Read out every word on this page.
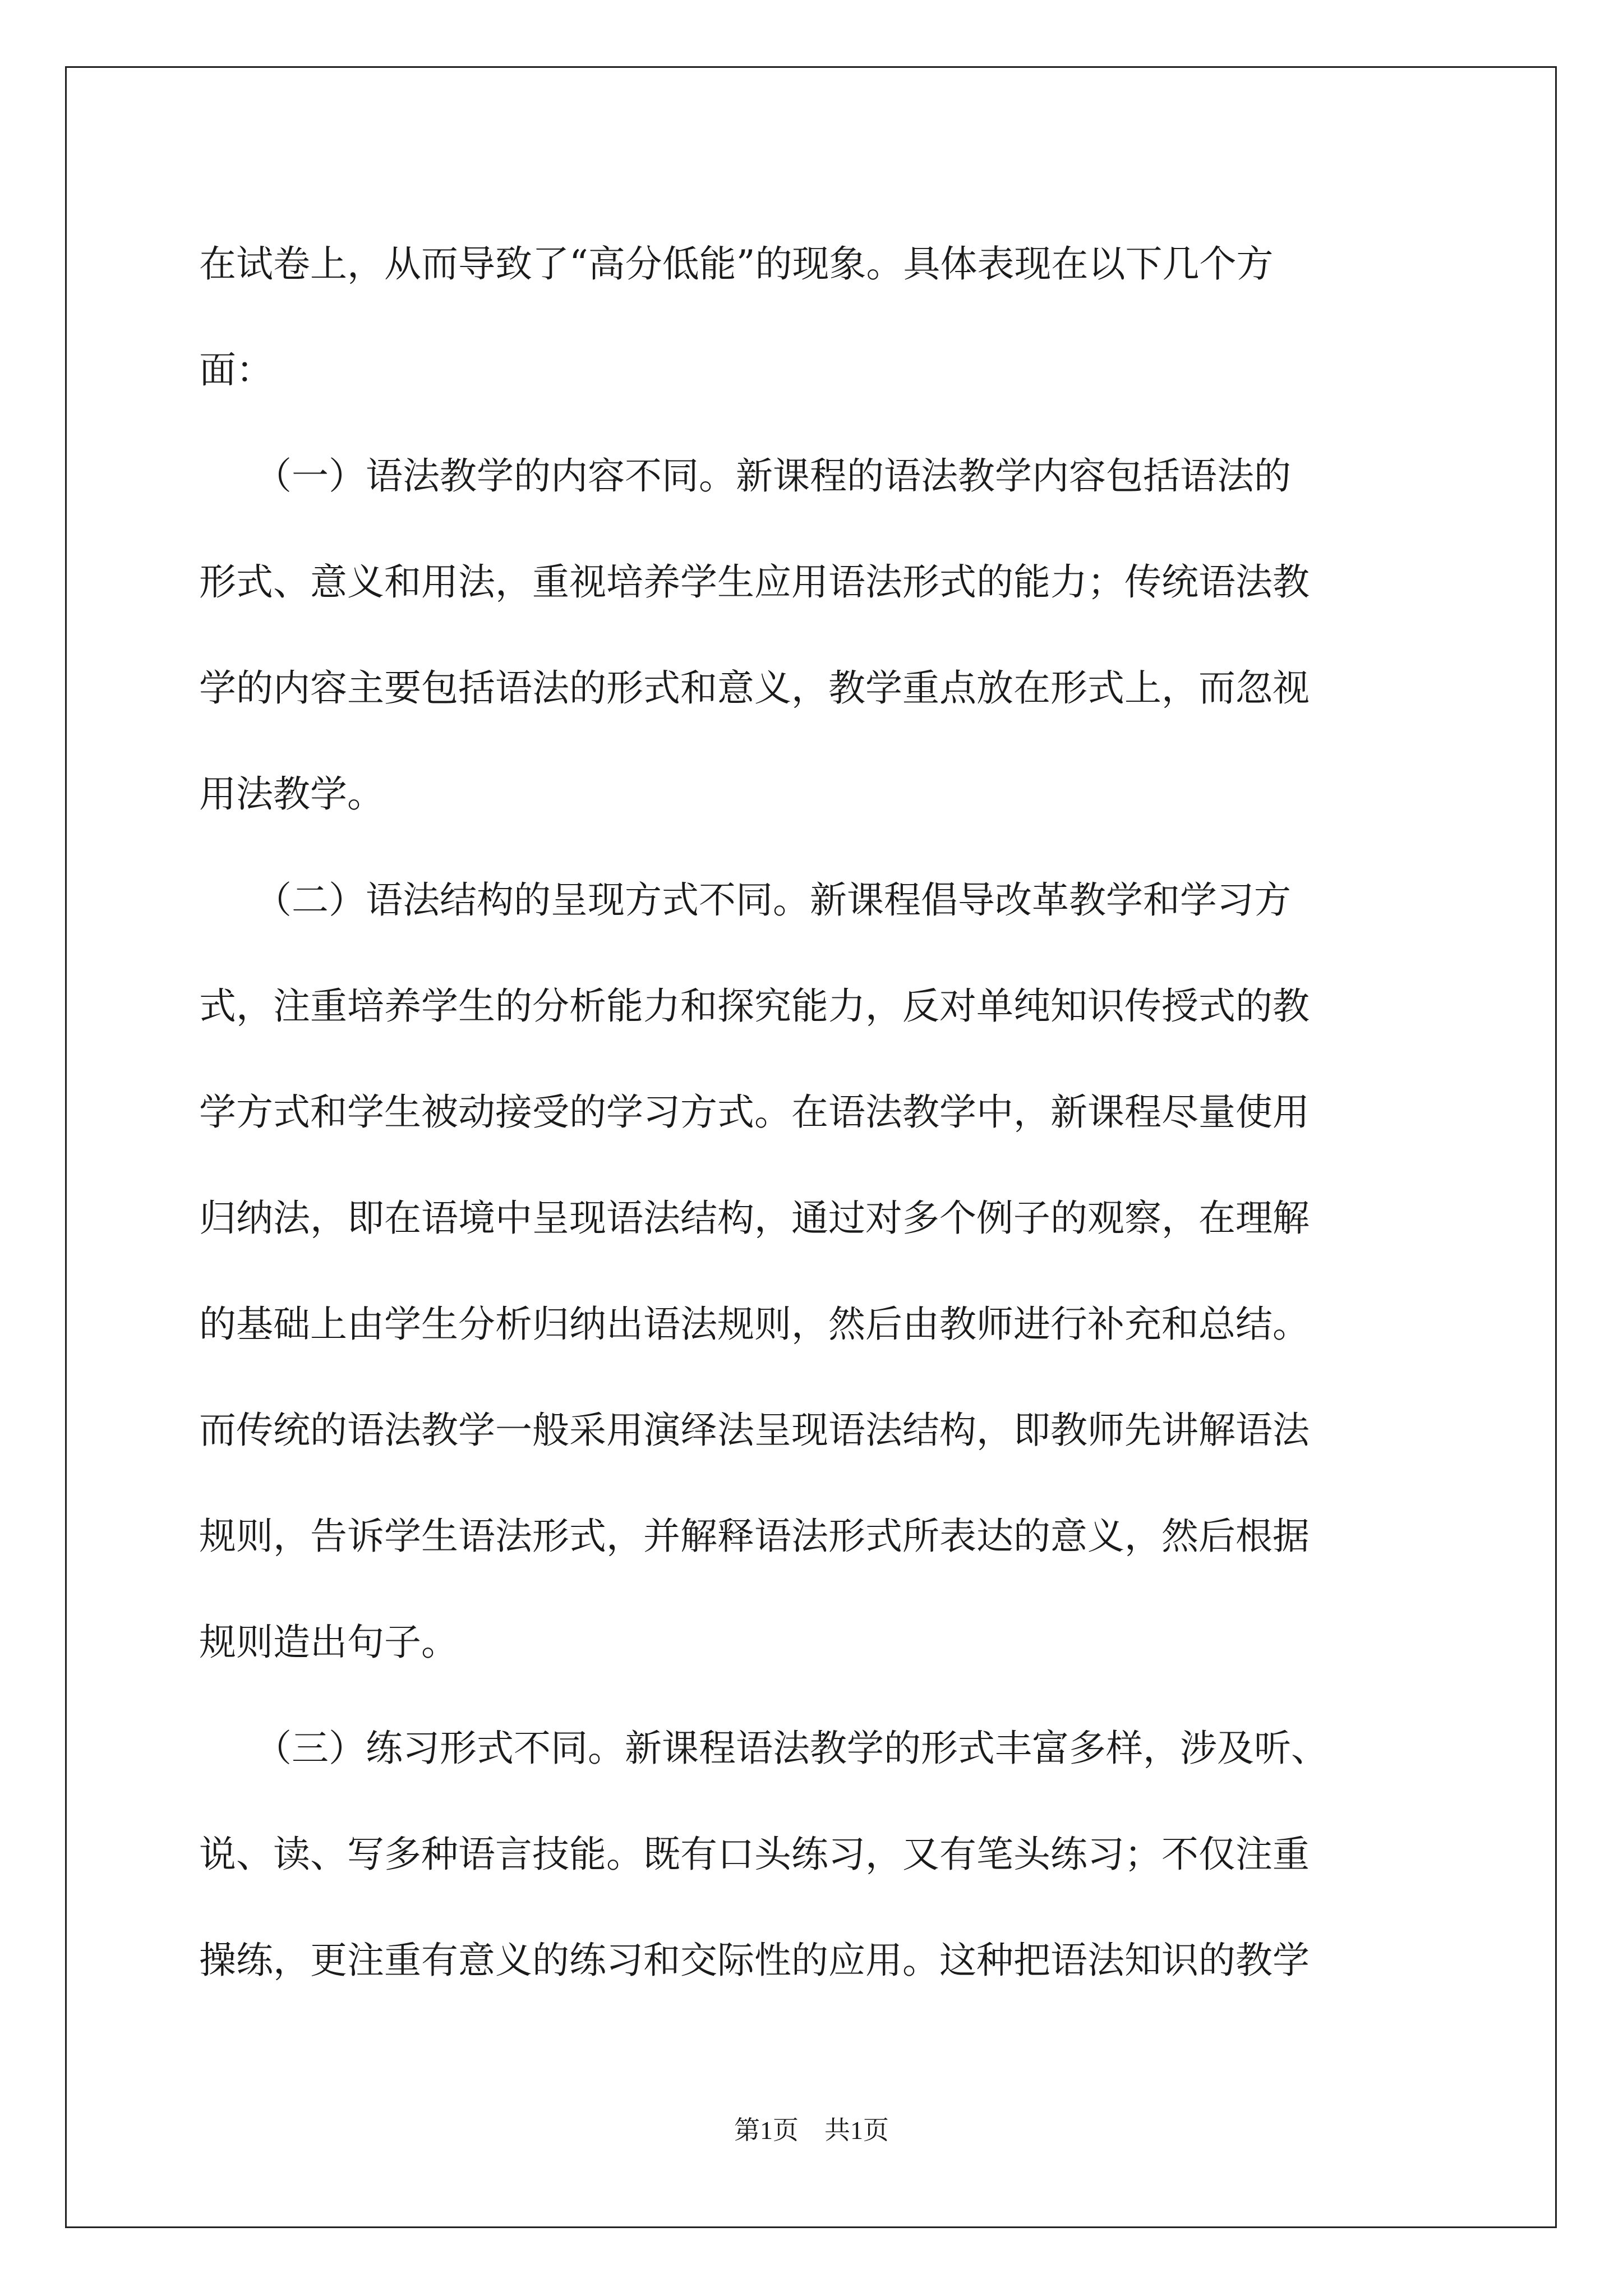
在试卷上，从而导致了“高分低能”的现象。具体表现在以下几个方
面：
　　（一）语法教学的内容不同。新课程的语法教学内容包括语法的
形式、意义和用法，重视培养学生应用语法形式的能力；传统语法教
学的内容主要包括语法的形式和意义，教学重点放在形式上，而忽视
用法教学。
　　（二）语法结构的呈现方式不同。新课程倡导改革教学和学习方
式，注重培养学生的分析能力和探究能力，反对单纯知识传授式的教
学方式和学生被动接受的学习方式。在语法教学中，新课程尽量使用
归纳法，即在语境中呈现语法结构，通过对多个例子的观察，在理解
的基础上由学生分析归纳出语法规则，然后由教师进行补充和总结。
而传统的语法教学一般采用演绎法呈现语法结构，即教师先讲解语法
规则，告诉学生语法形式，并解释语法形式所表达的意义，然后根据
规则造出句子。
　　（三）练习形式不同。新课程语法教学的形式丰富多样，涉及听、
说、读、写多种语言技能。既有口头练习，又有笔头练习；不仅注重
操练，更注重有意义的练习和交际性的应用。这种把语法知识的教学
第1页　共1页
